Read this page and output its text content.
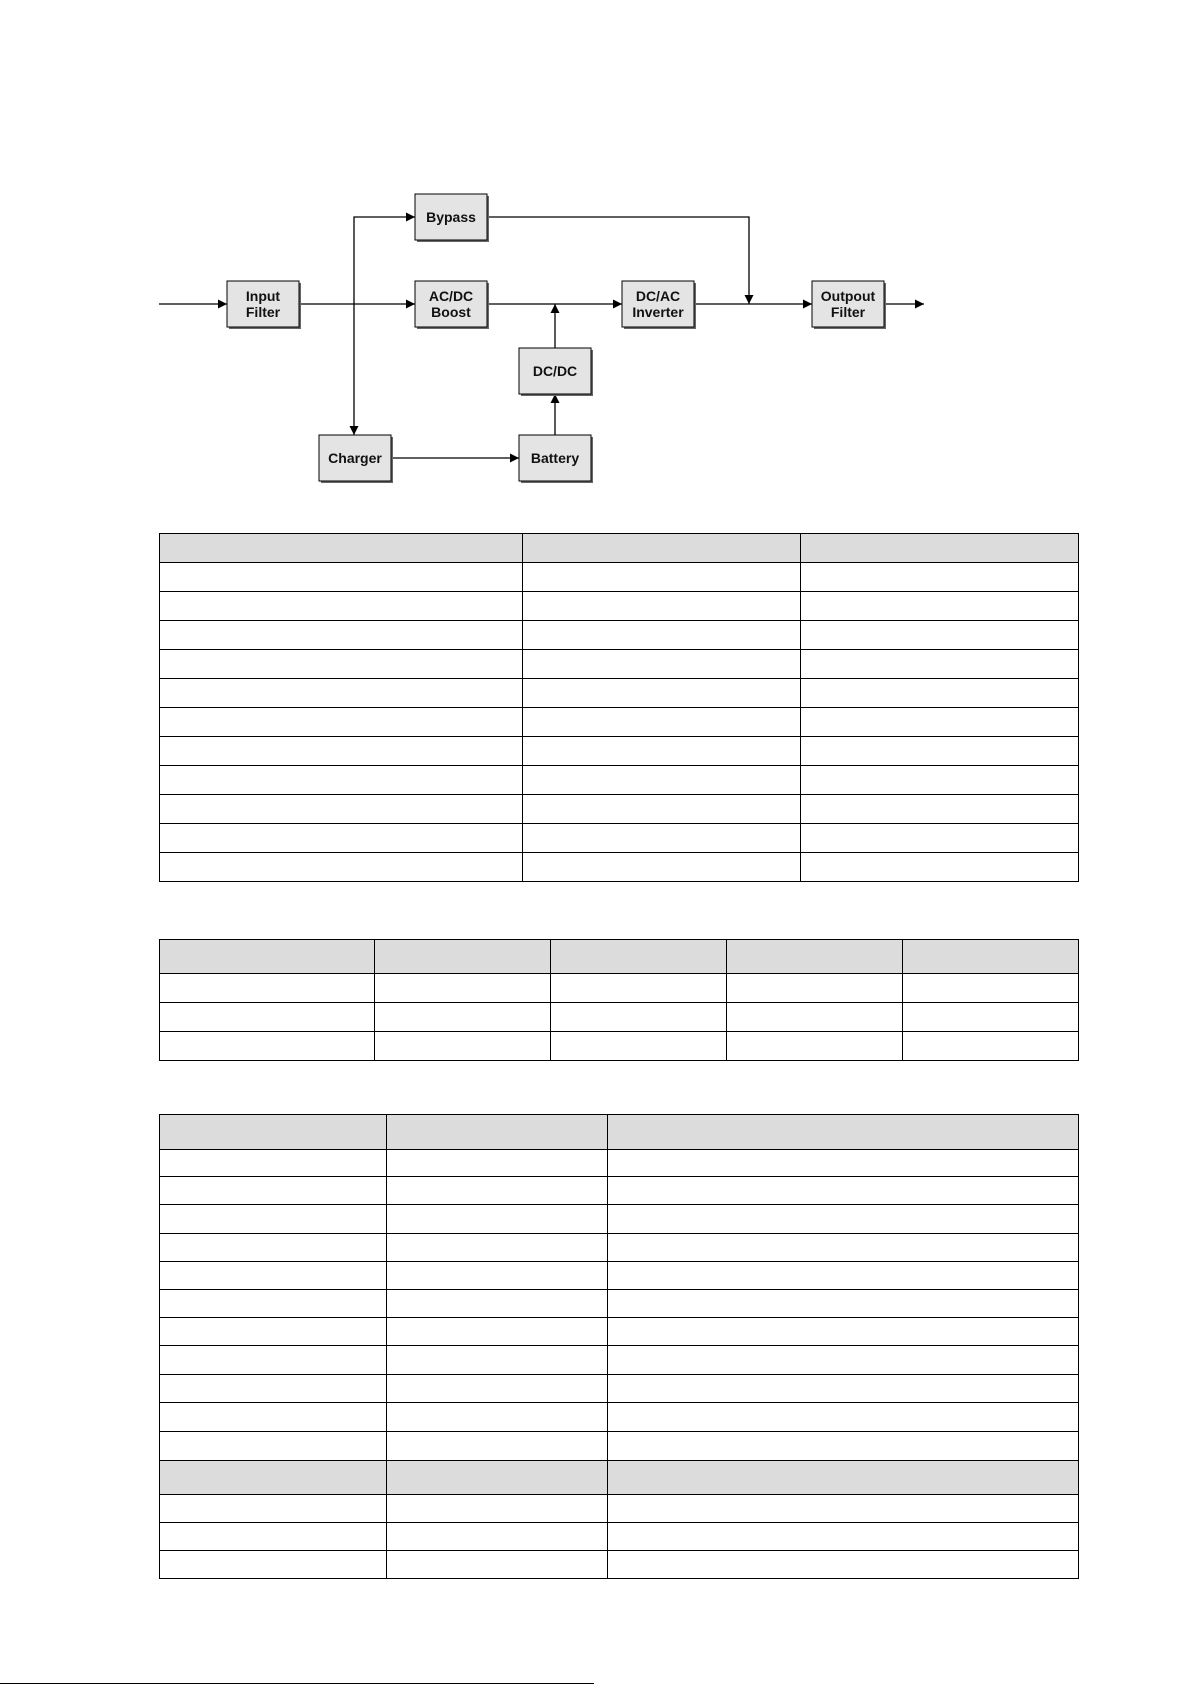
Input
Filter
Bypass
AC/DC
Boost
DC/AC
Inverter
Outpout
Filter
DC/DC
Charger	Battery
